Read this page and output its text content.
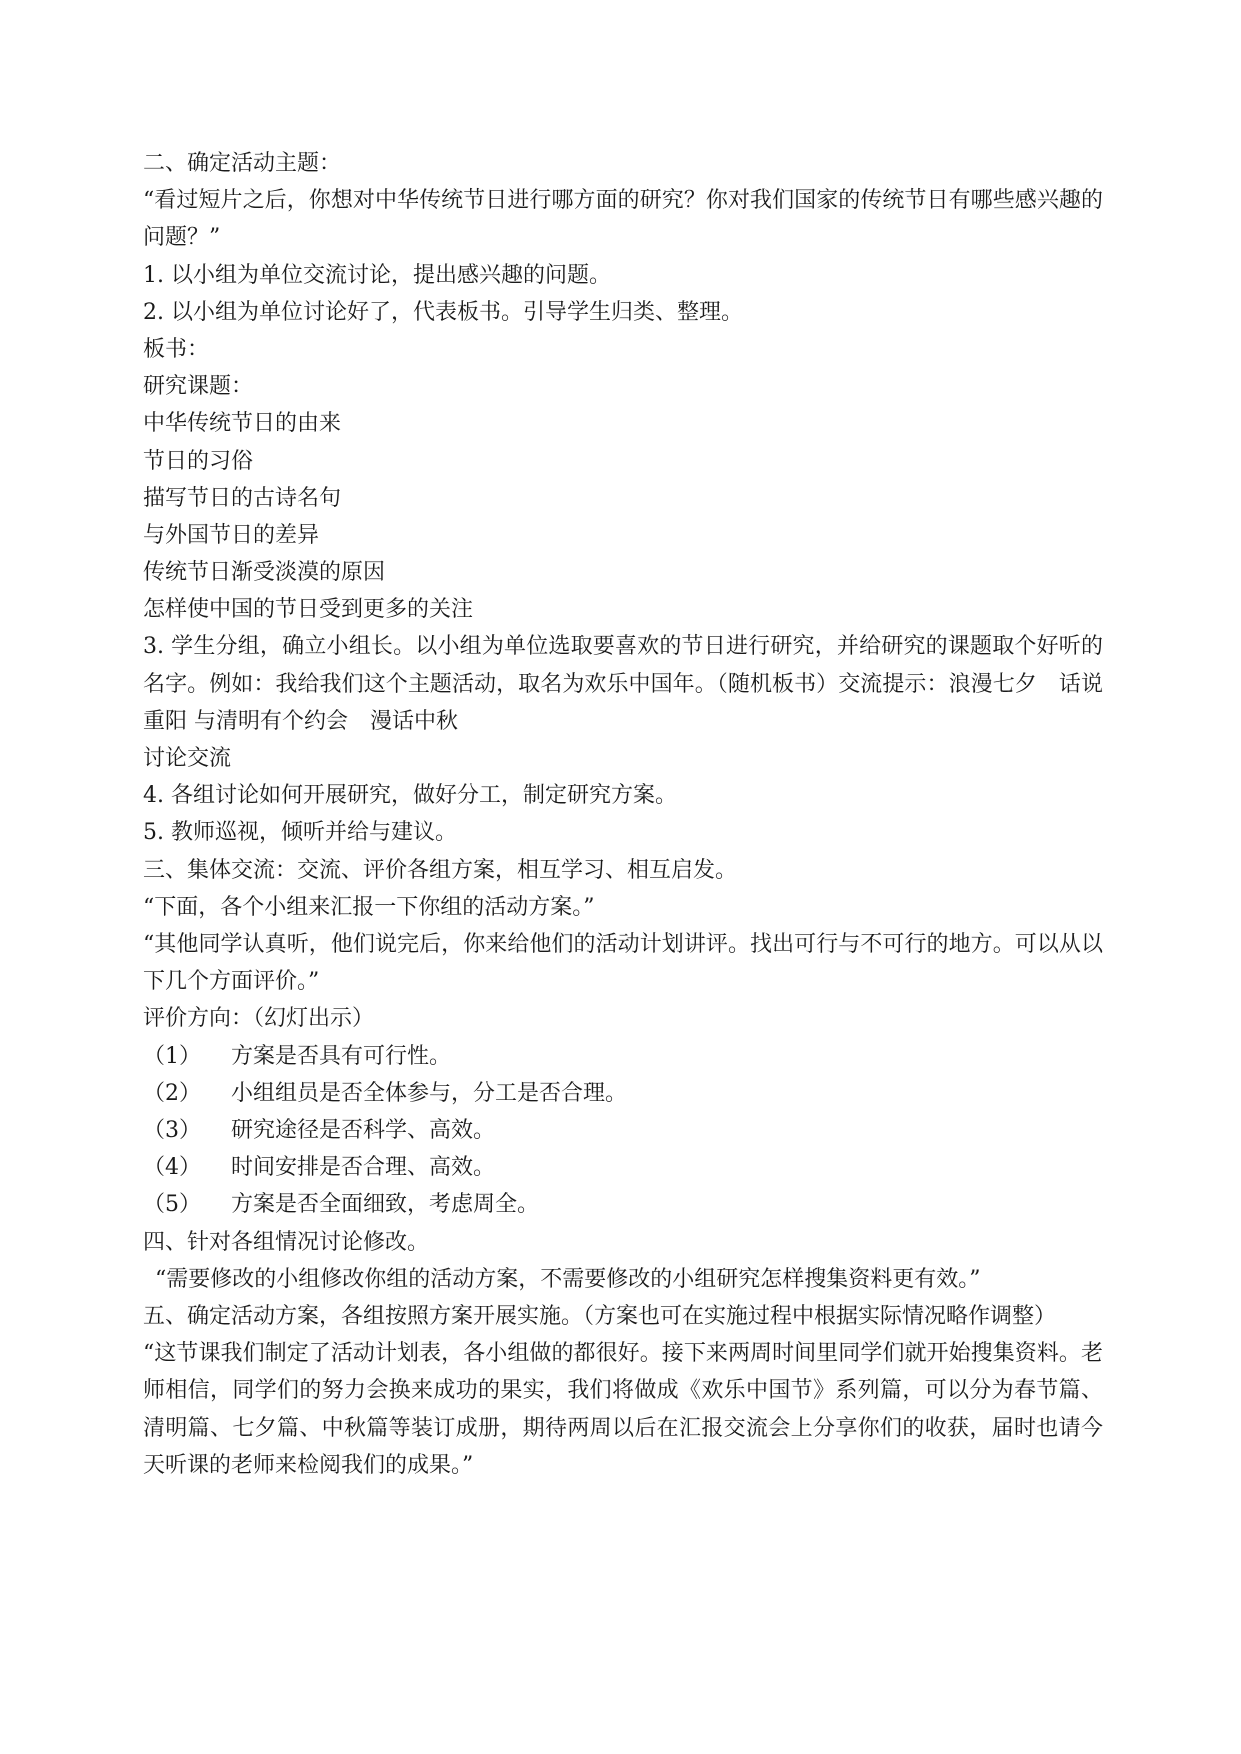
二、确定活动主题：
“看过短片之后，你想对中华传统节日进行哪方面的研究？你对我们国家的传统节日有哪些感兴趣的问题？”
1. 以小组为单位交流讨论，提出感兴趣的问题。
2. 以小组为单位讨论好了，代表板书。引导学生归类、整理。
板书：
研究课题：
中华传统节日的由来
节日的习俗
描写节日的古诗名句
与外国节日的差异
传统节日渐受淡漠的原因
怎样使中国的节日受到更多的关注
3. 学生分组，确立小组长。以小组为单位选取要喜欢的节日进行研究，并给研究的课题取个好听的名字。例如：我给我们这个主题活动，取名为欢乐中国年。（随机板书）交流提示：浪漫七夕　话说重阳 与清明有个约会　漫话中秋
讨论交流
4. 各组讨论如何开展研究，做好分工，制定研究方案。
5. 教师巡视，倾听并给与建议。
三、集体交流：交流、评价各组方案，相互学习、相互启发。
“下面，各个小组来汇报一下你组的活动方案。”
“其他同学认真听，他们说完后，你来给他们的活动计划讲评。找出可行与不可行的地方。可以从以下几个方面评价。”
评价方向：（幻灯出示）
（1） 方案是否具有可行性。
（2） 小组组员是否全体参与，分工是否合理。
（3） 研究途径是否科学、高效。
（4） 时间安排是否合理、高效。
（5） 方案是否全面细致，考虑周全。
四、针对各组情况讨论修改。
“需要修改的小组修改你组的活动方案，不需要修改的小组研究怎样搜集资料更有效。”
五、确定活动方案，各组按照方案开展实施。（方案也可在实施过程中根据实际情况略作调整）
“这节课我们制定了活动计划表，各小组做的都很好。接下来两周时间里同学们就开始搜集资料。老师相信，同学们的努力会换来成功的果实，我们将做成《欢乐中国节》系列篇，可以分为春节篇、清明篇、七夕篇、中秋篇等装订成册，期待两周以后在汇报交流会上分享你们的收获，届时也请今天听课的老师来检阅我们的成果。”
